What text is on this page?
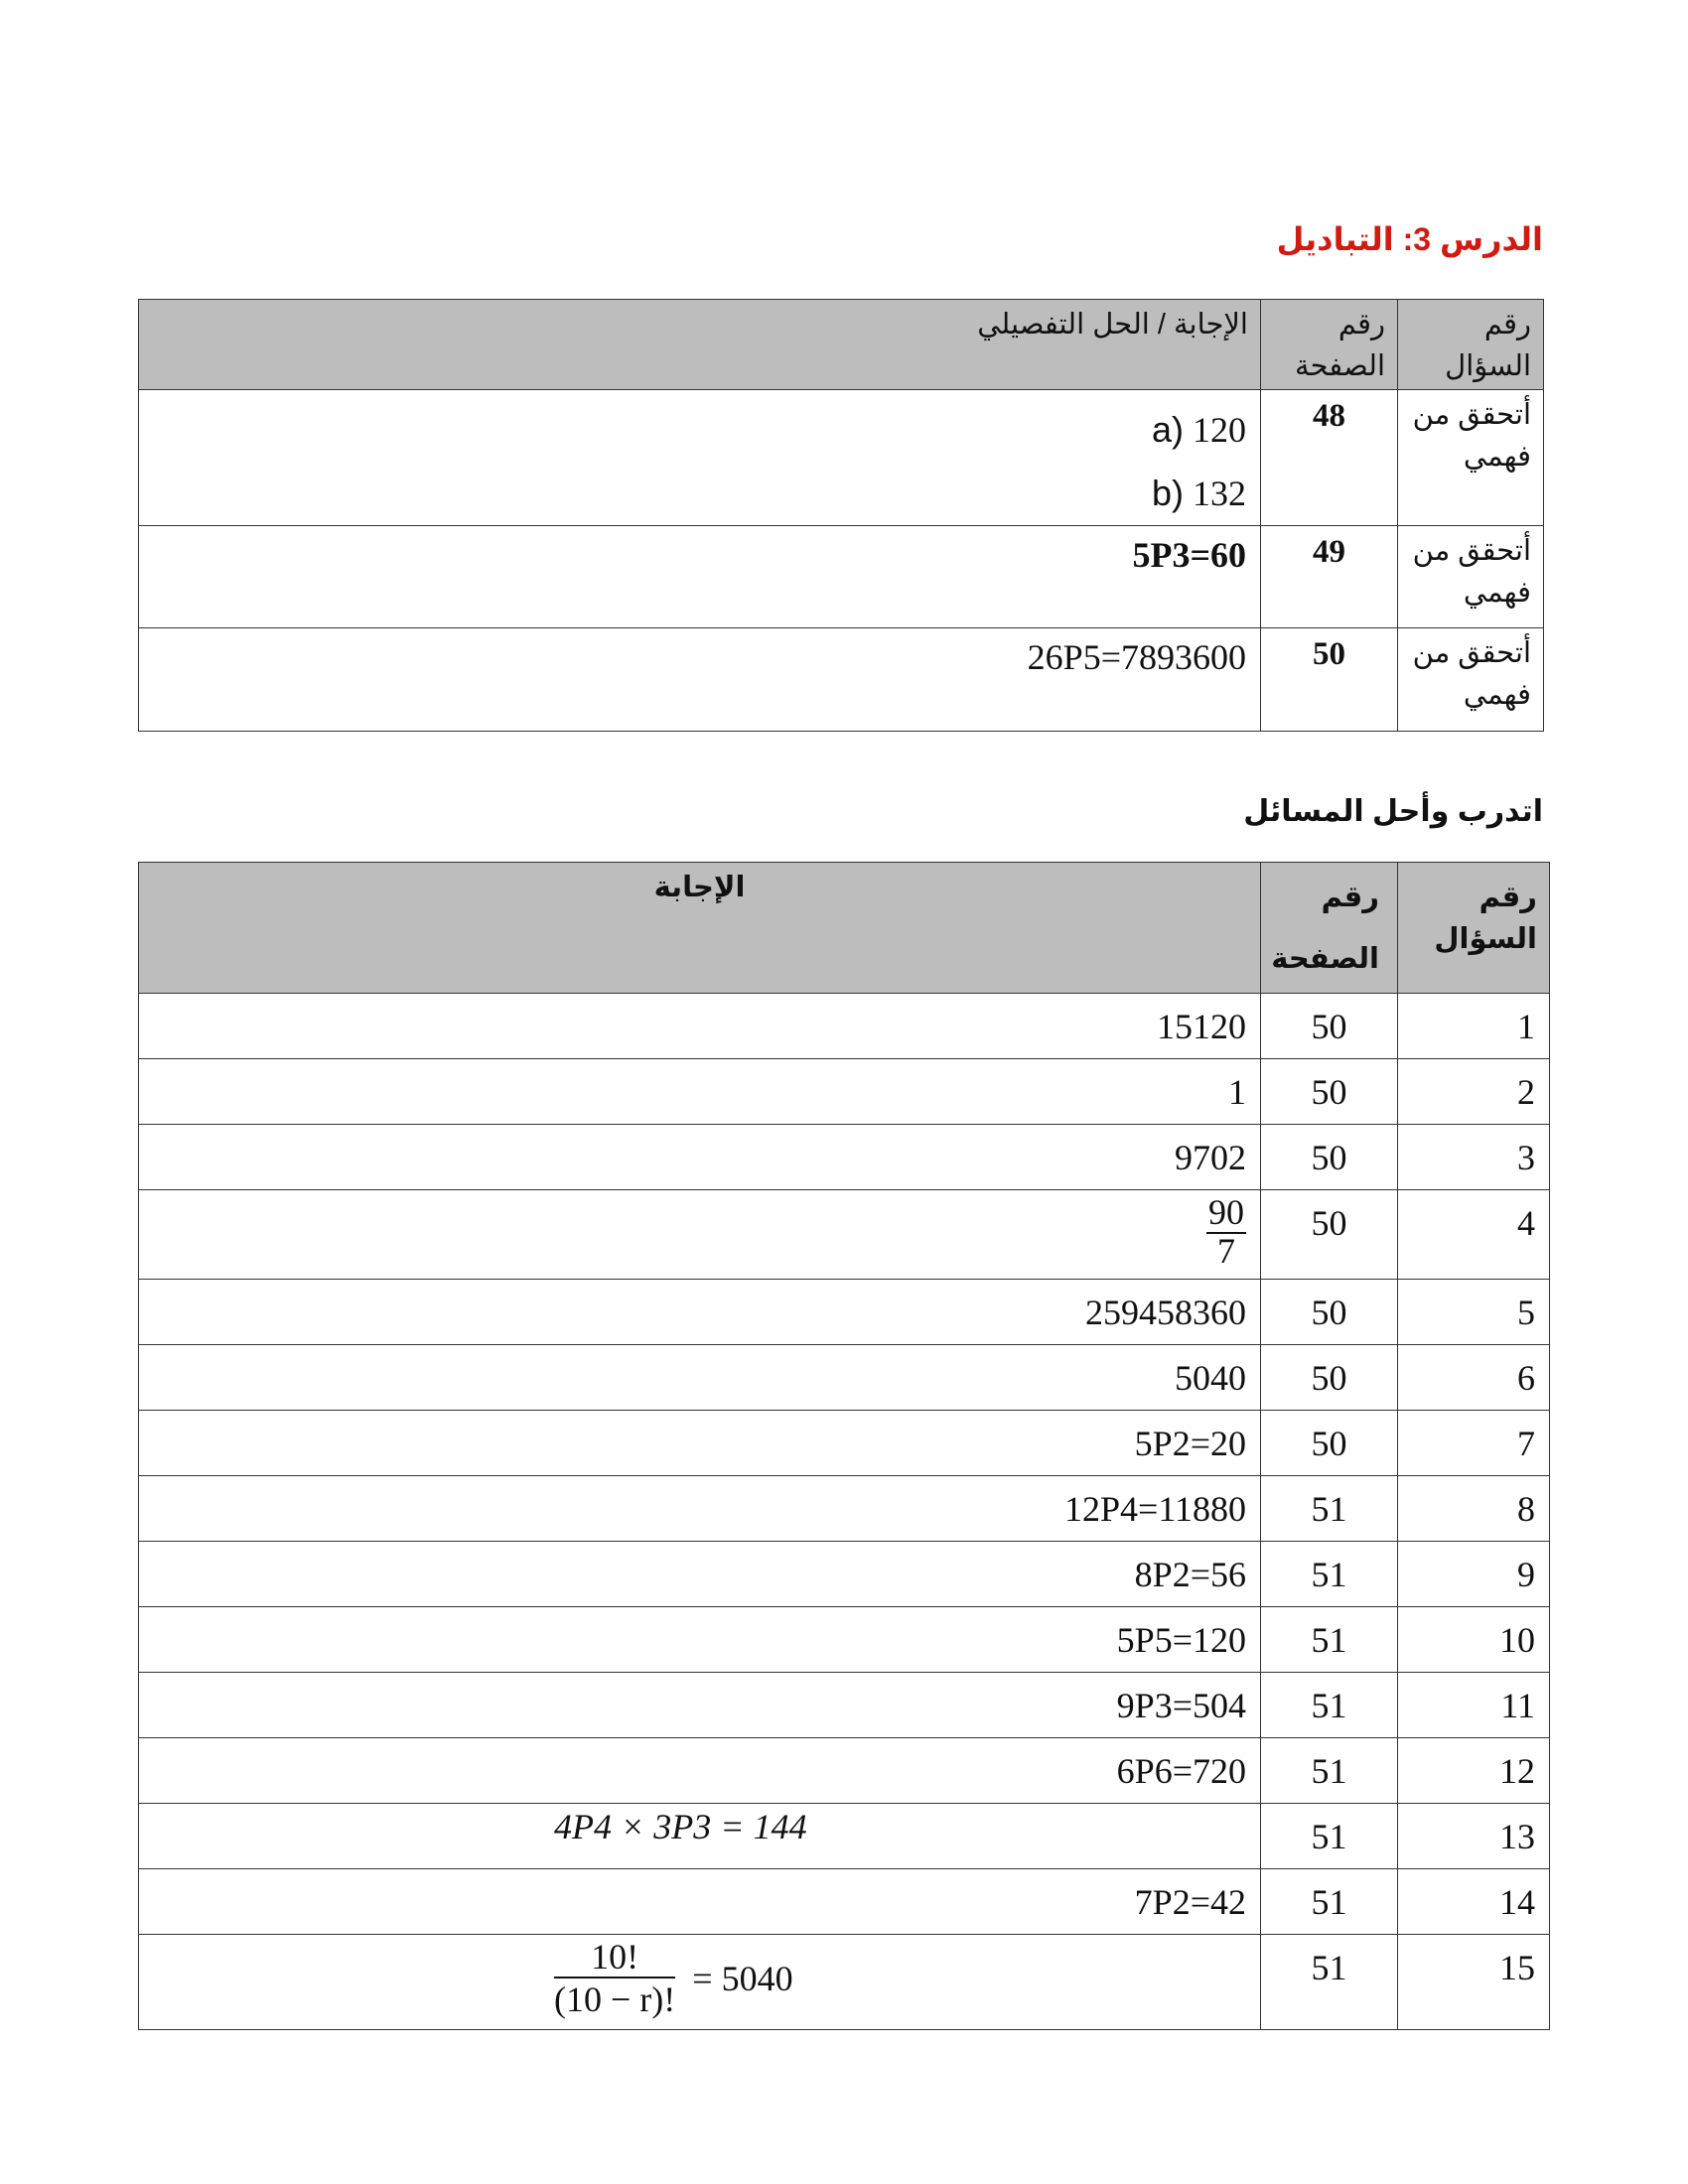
الدرس 3: التباديل
الإجابة / الحل التفصيلي	رقم الصفحة	رقم السؤال

a) 120
b) 132	48	أتحقق من فهمي
5P3=60	49	أتحقق من فهمي
26P5=7893600	50	أتحقق من فهمي
اتدرب وأحل المسائل
الإجابة	رقم الصفحة	رقم السؤال
15120	50	1
1	50	2
9702	50	3

$\frac{90}{7}$	50	4
259458360	50	5
5040	50	6
5P2=20	50	7
12P4=11880	51	8
8P2=56	51	9
5P5=120	51	10
9P3=504	51	11
6P6=720	51	12

4P4 × 3P3 = 144	51	13
7P2=42	51	14

$\frac{10!}{(10 - r)!} = 5040$	51	15
